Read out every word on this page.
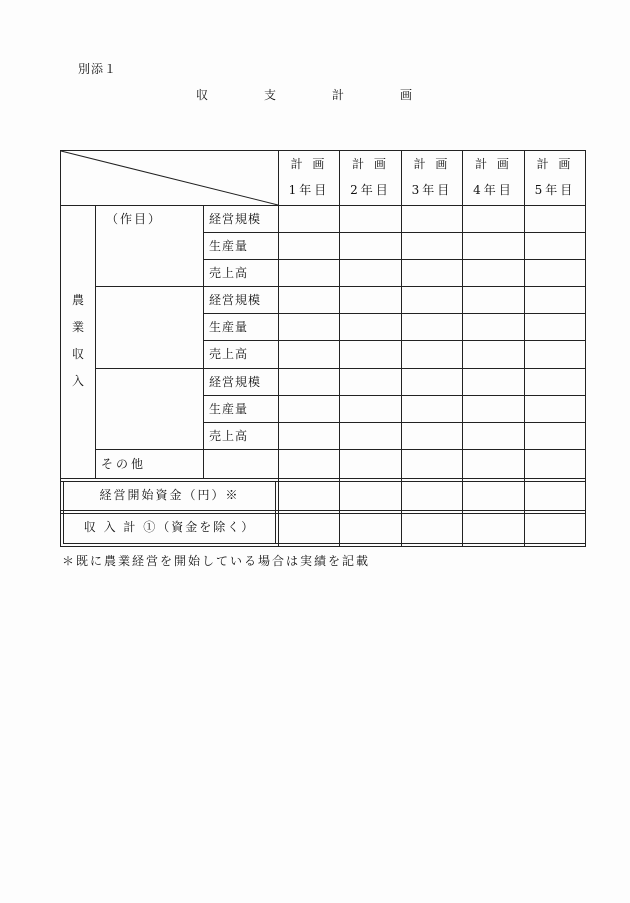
別添１
収　支　計　画
計 画
1年目
計 画
2年目
計 画
3年目
計 画
4年目
計 画
5年目
農
業
収
入
（作目）	経営規模
生産量
売上高
経営規模
生産量
売上高
経営規模
生産量
売上高
その他
経営開始資金（円）※
収 入 計 ①（資金を除く）
＊既に農業経営を開始している場合は実績を記載
